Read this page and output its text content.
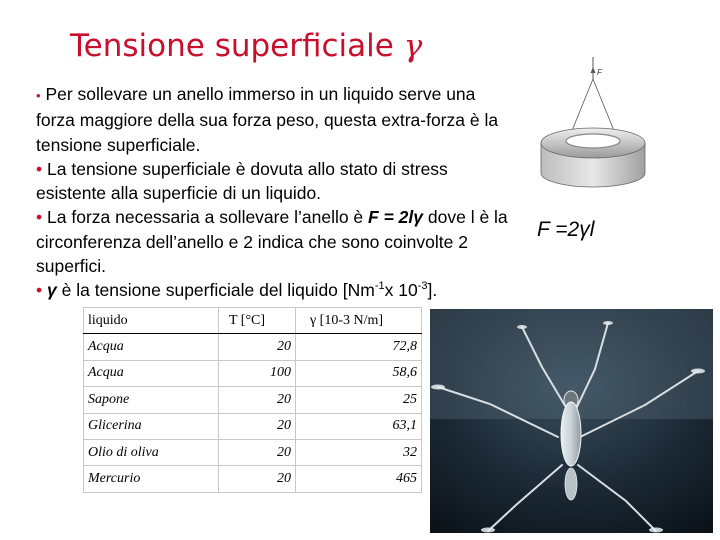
Tensione superficiale γ

• Per sollevare un anello immerso in un liquido serve una forza maggiore della sua forza peso, questa extra-forza è la tensione superficiale.

• La tensione superficiale è dovuta allo stato di stress esistente alla superficie di un liquido.

• La forza necessaria a sollevare l’anello è F = 2lγ dove l è la circonferenza dell’anello e 2 indica che sono coinvolte 2 superfici.

• γ è la tensione superficiale del liquido [$Nm^{-1}x$ $10^{-3}$].

F
F =2γl
liquido	T [°C]	γ [10-3 N/m]
Acqua	20	72,8
Acqua	100	58,6
Sapone	20	25
Glicerina	20	63,1
Olio di oliva	20	32
Mercurio	20	465
